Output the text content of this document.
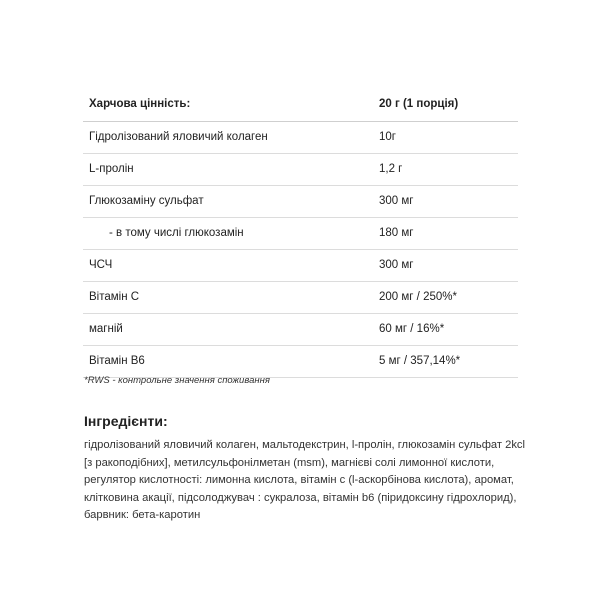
Харчова цінність:	20 г (1 порція)
Гідролізований яловичий колаген	10г
L-пролін	1,2 г
Глюкозаміну сульфат	300 мг
- в тому числі глюкозамін	180 мг
ЧСЧ	300 мг
Вітамін C	200 мг / 250%*
магній	60 мг / 16%*
Вітамін B6	5 мг / 357,14%*
*RWS - контрольне значення споживання
Інгредієнти:
гідролізований яловичий колаген, мальтодекстрин, l-пролін, глюкозамін сульфат 2kcl [з ракоподібних], метилсульфонілметан (msm), магнієві солі лимонної кислоти, регулятор кислотності: лимонна кислота, вітамін с (l-аскорбінова кислота), аромат, клітковина акації, підсолоджувач : сукралоза, вітамін b6 (піридоксину гідрохлорид), барвник: бета-каротин
